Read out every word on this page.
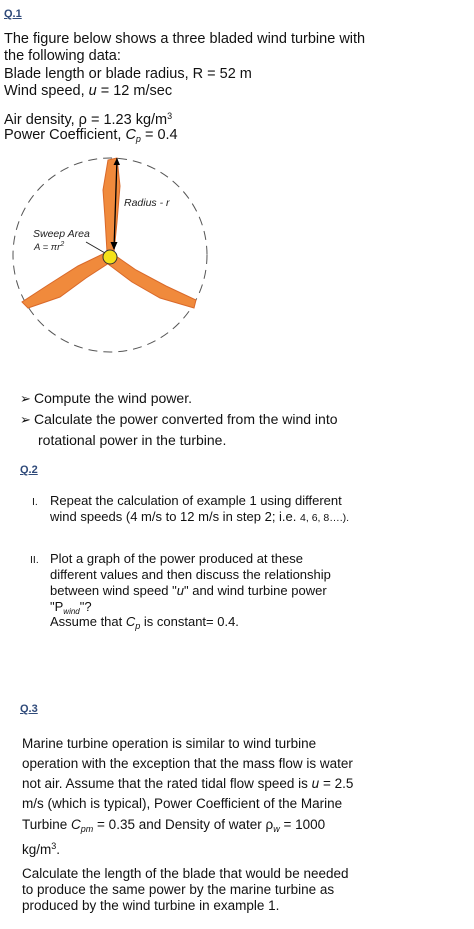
Q.1
The figure below shows a three bladed wind turbine with
the following data:
Blade length or blade radius, R = 52 m
Wind speed, u = 12 m/sec
Air density, ρ = 1.23 $kg/m^3$
Power Coefficient, $C_p = 0.4$
Radius - r
Sweep Area
$A = \pi r^2$
➢ Compute the wind power.
➢ Calculate the power converted from the wind into
rotational power in the turbine.
Q.2
I. Repeat the calculation of example 1 using different
wind speeds (4 m/s to 12 m/s in step 2; i.e. 4, 6, 8….).
II. Plot a graph of the power produced at these
different values and then discuss the relationship
between wind speed "u" and wind turbine power
"$P_{wind}$"?
Assume that $C_p$ is constant= 0.4.
Q.3
Marine turbine operation is similar to wind turbine
operation with the exception that the mass flow is water
not air. Assume that the rated tidal flow speed is u = 2.5
m/s (which is typical), Power Coefficient of the Marine
Turbine $C_{pm} = 0.35$ and Density of water $\rho_w = 1000$
$kg/m^3$.
Calculate the length of the blade that would be needed
to produce the same power by the marine turbine as
produced by the wind turbine in example 1.
